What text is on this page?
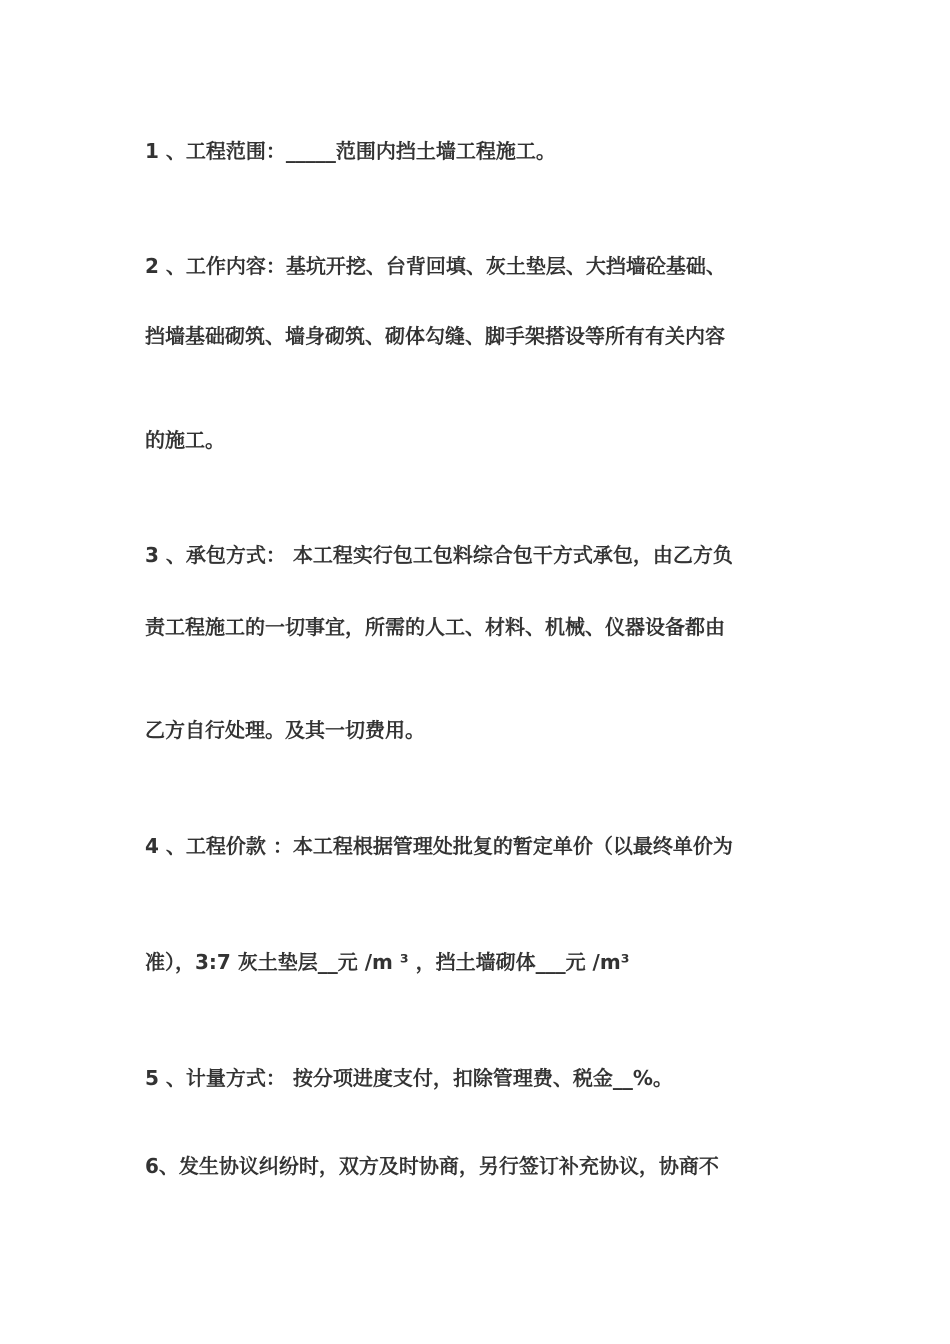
1 、工程范围：_____范围内挡土墙工程施工。
2 、工作内容：基坑开挖、台背回填、灰土垫层、大挡墙砼基础、
挡墙基础砌筑、墙身砌筑、砌体勾缝、脚手架搭设等所有有关内容
的施工。
3 、承包方式： 本工程实行包工包料综合包干方式承包，由乙方负
责工程施工的一切事宜，所需的人工、材料、机械、仪器设备都由
乙方自行处理。及其一切费用。
4 、工程价款 ：本工程根据管理处批复的暂定单价（以最终单价为
准），3:7 灰土垫层__元 /m ³ ，挡土墙砌体___元 /m³
5 、计量方式： 按分项进度支付，扣除管理费、税金__%。
6、发生协议纠纷时，双方及时协商，另行签订补充协议，协商不
